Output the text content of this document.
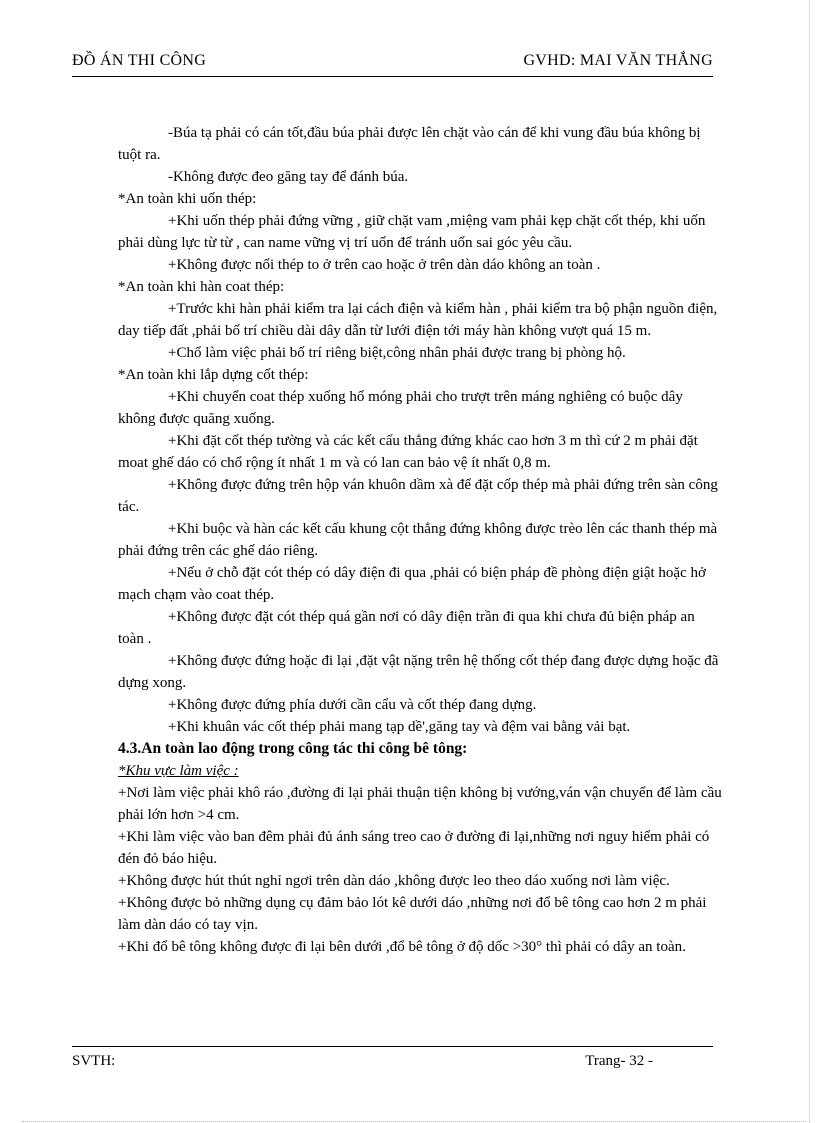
ĐỒ ÁN THI CÔNG	GVHD: MAI VĂN THẮNG

-Búa tạ phải có cán tốt,đầu búa phải được lên chặt vào cán để khi vung đầu búa không bị tuột ra.

-Không được đeo găng tay để đánh búa.

*An toàn khi uốn thép:

+Khi uốn thép phải đứng vững , giữ chặt vam ,miệng vam phải kẹp chặt cốt thép, khi uốn phải dùng lực từ từ , can name vững vị trí uốn để tránh uốn sai góc yêu cầu.

+Không được nối thép to ở trên cao hoặc ở trên dàn dáo không an toàn .

*An toàn khi hàn coat thép:

+Trước khi hàn phải kiểm tra lại cách điện và kiểm hàn , phải kiểm tra bộ phận nguồn điện, day tiếp đất ,phải bố trí chiều dài dây dẫn từ lưới điện tới máy hàn không vượt quá 15 m.

+Chổ làm việc phải bố trí riêng biệt,công nhân phải được trang bị phòng hộ.

*An toàn khi lắp dựng cốt thép:

+Khi chuyển coat thép xuống hố móng phải cho trượt trên máng nghiêng có buộc dây không được quăng xuống.

+Khi đặt cốt thép tường và các kết cấu thẳng đứng khác cao hơn 3 m thì cứ 2 m phải đặt moat ghế dáo có chổ rộng ít nhất 1 m và có lan can bảo vệ ít nhất 0,8 m.

+Không được đứng trên hộp ván khuôn dầm xà để đặt cốp thép mà phải đứng trên sàn công tác.

+Khi buộc và hàn các kết cấu khung cột thẳng đứng không được trèo lên các thanh thép mà phải đứng trên các ghế dáo riêng.

+Nếu ở chỗ đặt cót thép có dây điện đi qua ,phải có biện pháp đề phòng điện giật hoặc hở mạch chạm vào coat thép.

+Không được đặt cót thép quá gần nơi có dây điện trần đi qua khi chưa đủ biện pháp an toàn .

+Không được đứng hoặc đi lại ,đặt vật nặng trên hệ thống cốt thép đang được dựng hoặc đã dựng xong.

+Không được đứng phía dưới cần cẩu và cốt thép đang dựng.

+Khi khuân vác cốt thép phải mang tạp dề',găng tay và đệm vai bằng vải bạt.

4.3.An toàn lao động trong công tác thi công bê tông:

*Khu vực làm việc :

+Nơi làm việc phải khô ráo ,đường đi lại phải thuận tiện không bị vướng,ván vận chuyển để làm cầu phải lớn hơn >4 cm.

+Khi làm việc vào ban đêm phải đủ ánh sáng treo cao ở đường đi lại,những nơi nguy hiểm phải có đén đỏ báo hiệu.

+Không được hút thút nghỉ ngơi trên dàn dáo ,không được leo theo dáo xuống nơi làm việc.

+Không được bỏ những dụng cụ đảm bảo lót kê dưới dáo ,những nơi đổ bê tông cao hơn 2 m phải làm dàn dáo có tay vịn.

+Khi đổ bê tông không được đi lại bên dưới ,đổ bê tông ở độ dốc >30° thì phải có dây an toàn.

SVTH:	Trang- 32 -
